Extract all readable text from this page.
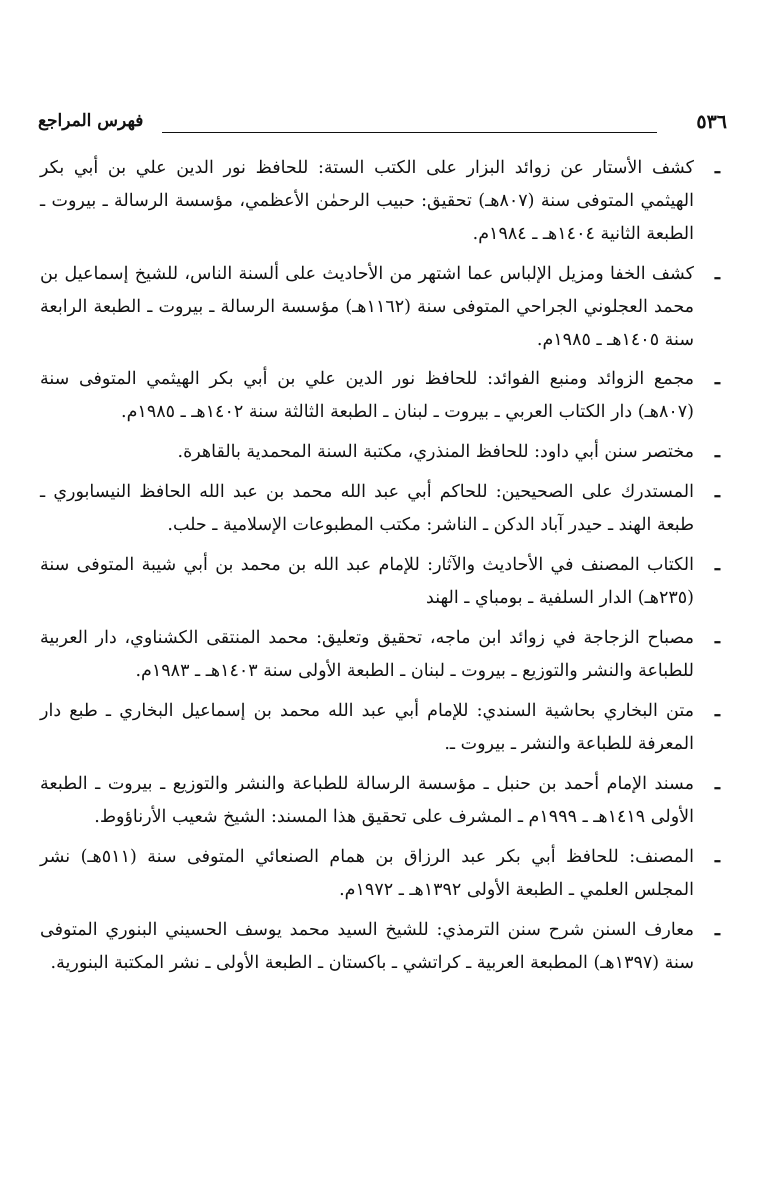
٥٣٦
فهرس المراجع
ـ
كشف الأستار عن زوائد البزار على الكتب الستة: للحافظ نور الدين علي بن أبي بكر الهيثمي المتوفى سنة (٨٠٧هـ) تحقيق: حبيب الرحمٰن الأعظمي، مؤسسة الرسالة ـ بيروت ـ الطبعة الثانية ١٤٠٤هـ ـ ١٩٨٤م.
ـ
كشف الخفا ومزيل الإلباس عما اشتهر من الأحاديث على ألسنة الناس، للشيخ إسماعيل بن محمد العجلوني الجراحي المتوفى سنة (١١٦٢هـ) مؤسسة الرسالة ـ بيروت ـ الطبعة الرابعة سنة ١٤٠٥هـ ـ ١٩٨٥م.
ـ
مجمع الزوائد ومنبع الفوائد: للحافظ نور الدين علي بن أبي بكر الهيثمي المتوفى سنة (٨٠٧هـ) دار الكتاب العربي ـ بيروت ـ لبنان ـ الطبعة الثالثة سنة ١٤٠٢هـ ـ ١٩٨٥م.
ـ
مختصر سنن أبي داود: للحافظ المنذري، مكتبة السنة المحمدية بالقاهرة.
ـ
المستدرك على الصحيحين: للحاكم أبي عبد الله محمد بن عبد الله الحافظ النيسابوري ـ طبعة الهند ـ حيدر آباد الدكن ـ الناشر: مكتب المطبوعات الإسلامية ـ حلب.
ـ
الكتاب المصنف في الأحاديث والآثار: للإمام عبد الله بن محمد بن أبي شيبة المتوفى سنة (٢٣٥هـ) الدار السلفية ـ بومباي ـ الهند
ـ
مصباح الزجاجة في زوائد ابن ماجه، تحقيق وتعليق: محمد المنتقى الكشناوي، دار العربية للطباعة والنشر والتوزيع ـ بيروت ـ لبنان ـ الطبعة الأولى سنة ١٤٠٣هـ ـ ١٩٨٣م.
ـ
متن البخاري بحاشية السندي: للإمام أبي عبد الله محمد بن إسماعيل البخاري ـ طبع دار المعرفة للطباعة والنشر ـ بيروت ـ.
ـ
مسند الإمام أحمد بن حنبل ـ مؤسسة الرسالة للطباعة والنشر والتوزيع ـ بيروت ـ الطبعة الأولى ١٤١٩هـ ـ ١٩٩٩م ـ المشرف على تحقيق هذا المسند: الشيخ شعيب الأرناؤوط.
ـ
المصنف: للحافظ أبي بكر عبد الرزاق بن همام الصنعائي المتوفى سنة (٥١١هـ) نشر المجلس العلمي ـ الطبعة الأولى ١٣٩٢هـ ـ ١٩٧٢م.
ـ
معارف السنن شرح سنن الترمذي: للشيخ السيد محمد يوسف الحسيني البنوري المتوفى سنة (١٣٩٧هـ) المطبعة العربية ـ كراتشي ـ باكستان ـ الطبعة الأولى ـ نشر المكتبة البنورية.
